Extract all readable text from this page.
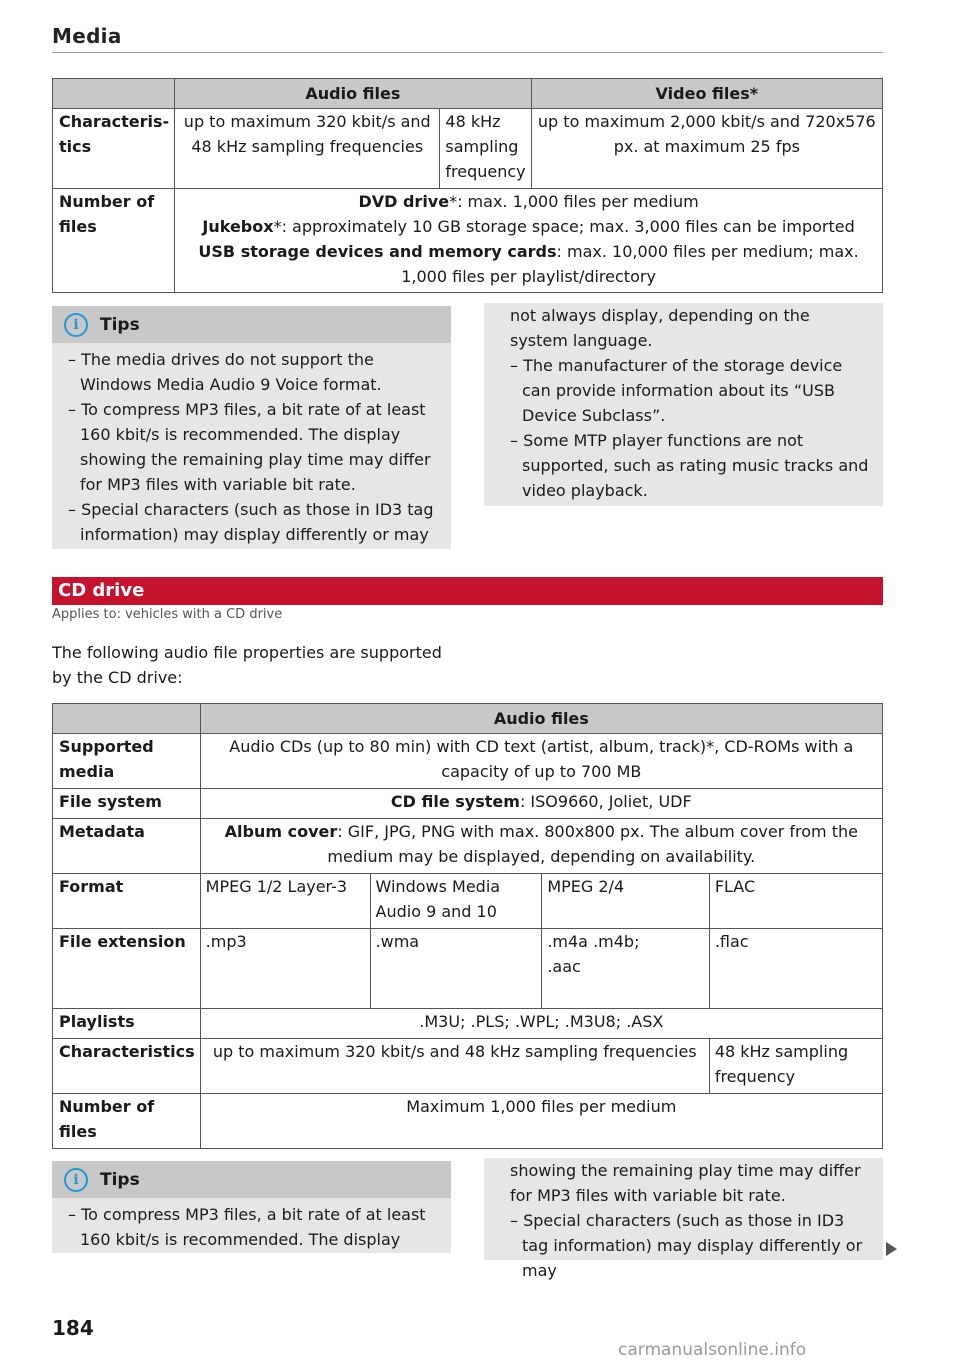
Media
	Audio files		Video files*
Characteris-tics	up to maximum 320 kbit/s and 48 kHz sampling frequencies	48 kHz sampling frequency	up to maximum 2,000 kbit/s and 720x576 px. at maximum 25 fps
Number of files	DVD drive*: max. 1,000 files per medium
Jukebox*: approximately 10 GB storage space; max. 3,000 files can be imported
USB storage devices and memory cards: max. 10,000 files per medium; max. 1,000 files per playlist/directory		
i	Tips
– The media drives do not support the Windows Media Audio 9 Voice format.
– To compress MP3 files, a bit rate of at least 160 kbit/s is recommended. The display showing the remaining play time may differ for MP3 files with variable bit rate.
– Special characters (such as those in ID3 tag information) may display differently or may
not always display, depending on the system language.
– The manufacturer of the storage device can provide information about its “USB Device Subclass”.
– Some MTP player functions are not supported, such as rating music tracks and video playback.
CD drive
Applies to: vehicles with a CD drive
The following audio file properties are supported by the CD drive:
	Audio files			
Supported media	Audio CDs (up to 80 min) with CD text (artist, album, track)*, CD-ROMs with a capacity of up to 700 MB			
File system	CD file system: ISO9660, Joliet, UDF			
Metadata	Album cover: GIF, JPG, PNG with max. 800x800 px. The album cover from the medium may be displayed, depending on availability.			
Format	MPEG 1/2 Layer-3	Windows Media Audio 9 and 10	MPEG 2/4	FLAC
File extension	.mp3	.wma	.m4a .m4b; .aac	.flac
Playlists	.M3U; .PLS; .WPL; .M3U8; .ASX			
Characteristics	up to maximum 320 kbit/s and 48 kHz sampling frequencies			48 kHz sampling frequency
Number of files	Maximum 1,000 files per medium			
i	Tips
– To compress MP3 files, a bit rate of at least 160 kbit/s is recommended. The display
showing the remaining play time may differ for MP3 files with variable bit rate.
– Special characters (such as those in ID3 tag information) may display differently or may
184
carmanualsonline.info
